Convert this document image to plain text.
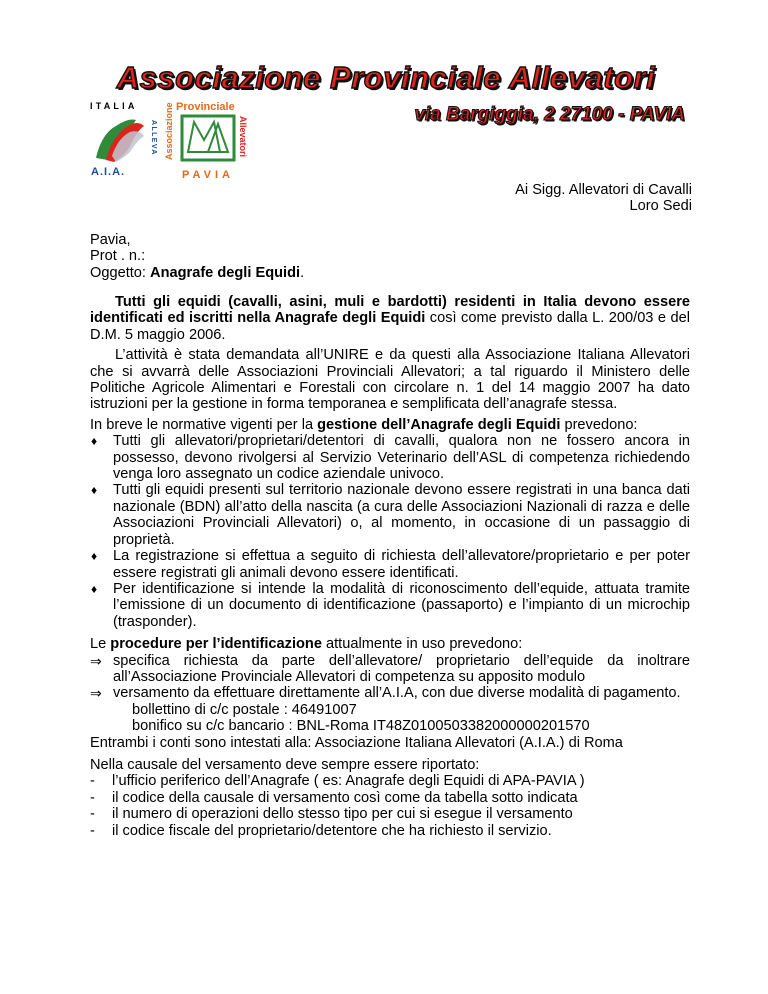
Associazione Provinciale Allevatori
via Bargiggia, 2 27100 - PAVIA
ITALIA
A.I.A.
ALLEVA Associazione Provinciale
Allevatori
PAVIA
Ai Sigg. Allevatori di Cavalli
Loro Sedi
Pavia,
Prot . n.:
Oggetto: Anagrafe degli Equidi.

Tutti gli equidi (cavalli, asini, muli e bardotti) residenti in Italia devono essere identificati ed iscritti nella Anagrafe degli Equidi così come previsto dalla L. 200/03 e del D.M. 5 maggio 2006.

L’attività è stata demandata all’UNIRE e da questi alla Associazione Italiana Allevatori che si avvarrà delle Associazioni Provinciali Allevatori; a tal riguardo il Ministero delle Politiche Agricole Alimentari e Forestali con circolare n. 1 del 14 maggio 2007 ha dato istruzioni per la gestione in forma temporanea e semplificata dell’anagrafe stessa.

In breve le normative vigenti per la gestione dell’Anagrafe degli Equidi prevedono:

♦ Tutti gli allevatori/proprietari/detentori di cavalli, qualora non ne fossero ancora in possesso, devono rivolgersi al Servizio Veterinario dell’ASL di competenza richiedendo venga loro assegnato un codice aziendale univoco.
♦ Tutti gli equidi presenti sul territorio nazionale devono essere registrati in una banca dati nazionale (BDN) all’atto della nascita (a cura delle Associazioni Nazionali di razza e delle Associazioni Provinciali Allevatori) o, al momento, in occasione di un passaggio di proprietà.
♦ La registrazione si effettua a seguito di richiesta dell’allevatore/proprietario e per poter essere registrati gli animali devono essere identificati.
♦ Per identificazione si intende la modalità di riconoscimento dell’equide, attuata tramite l’emissione di un documento di identificazione (passaporto) e l’impianto di un microchip (trasponder).

Le procedure per l’identificazione attualmente in uso prevedono:

⇒ specifica richiesta da parte dell’allevatore/ proprietario dell’equide da inoltrare all’Associazione Provinciale Allevatori di competenza su apposito modulo
⇒ versamento da effettuare direttamente all’A.I.A, con due diverse modalità di pagamento.
bollettino di c/c postale : 46491007
bonifico su c/c bancario : BNL-Roma IT48Z0100503382000000201570
Entrambi i conti sono intestati alla: Associazione Italiana Allevatori (A.I.A.) di Roma

Nella causale del versamento deve sempre essere riportato:

- l’ufficio periferico dell’Anagrafe ( es: Anagrafe degli Equidi di APA-PAVIA )
- il codice della causale di versamento così come da tabella sotto indicata
- il numero di operazioni dello stesso tipo per cui si esegue il versamento
- il codice fiscale del proprietario/detentore che ha richiesto il servizio.
